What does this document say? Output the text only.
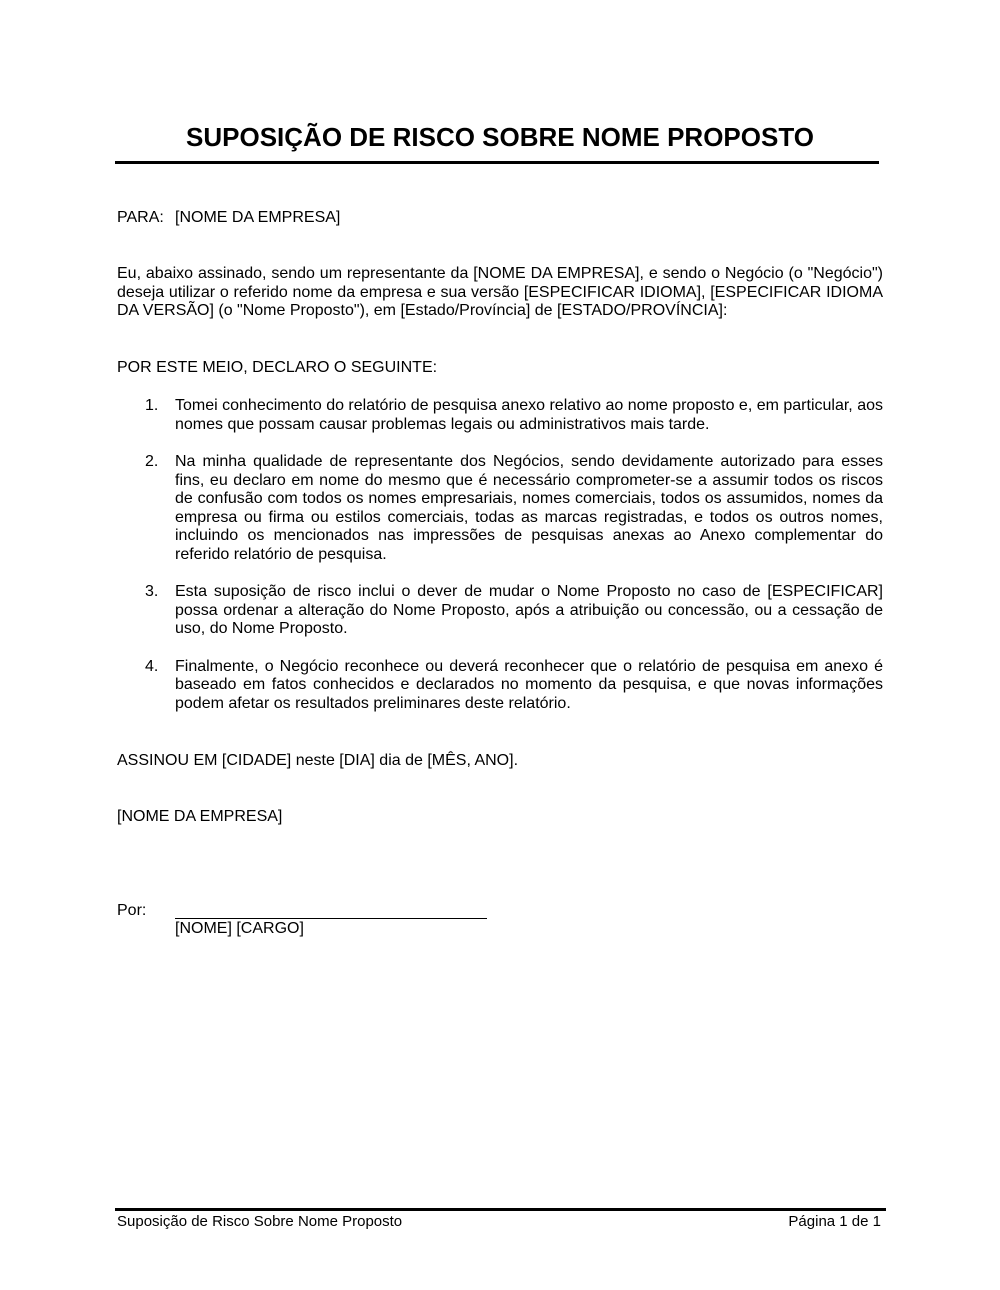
SUPOSIÇÃO DE RISCO SOBRE NOME PROPOSTO
PARA: [NOME DA EMPRESA]
Eu, abaixo assinado, sendo um representante da [NOME DA EMPRESA], e sendo o Negócio (o "Negócio") deseja utilizar o referido nome da empresa e sua versão [ESPECIFICAR IDIOMA], [ESPECIFICAR IDIOMA DA VERSÃO] (o "Nome Proposto"), em [Estado/Província] de [ESTADO/PROVÍNCIA]:
POR ESTE MEIO, DECLARO O SEGUINTE:
1. Tomei conhecimento do relatório de pesquisa anexo relativo ao nome proposto e, em particular, aos nomes que possam causar problemas legais ou administrativos mais tarde.
2. Na minha qualidade de representante dos Negócios, sendo devidamente autorizado para esses fins, eu declaro em nome do mesmo que é necessário comprometer-se a assumir todos os riscos de confusão com todos os nomes empresariais, nomes comerciais, todos os assumidos, nomes da empresa ou firma ou estilos comerciais, todas as marcas registradas, e todos os outros nomes, incluindo os mencionados nas impressões de pesquisas anexas ao Anexo complementar do referido relatório de pesquisa.
3. Esta suposição de risco inclui o dever de mudar o Nome Proposto no caso de [ESPECIFICAR] possa ordenar a alteração do Nome Proposto, após a atribuição ou concessão, ou a cessação de uso, do Nome Proposto.
4. Finalmente, o Negócio reconhece ou deverá reconhecer que o relatório de pesquisa em anexo é baseado em fatos conhecidos e declarados no momento da pesquisa, e que novas informações podem afetar os resultados preliminares deste relatório.
ASSINOU EM [CIDADE] neste [DIA] dia de [MÊS, ANO].
[NOME DA EMPRESA]
Por:
[NOME] [CARGO]
Suposição de Risco Sobre Nome Proposto	Página 1 de 1
